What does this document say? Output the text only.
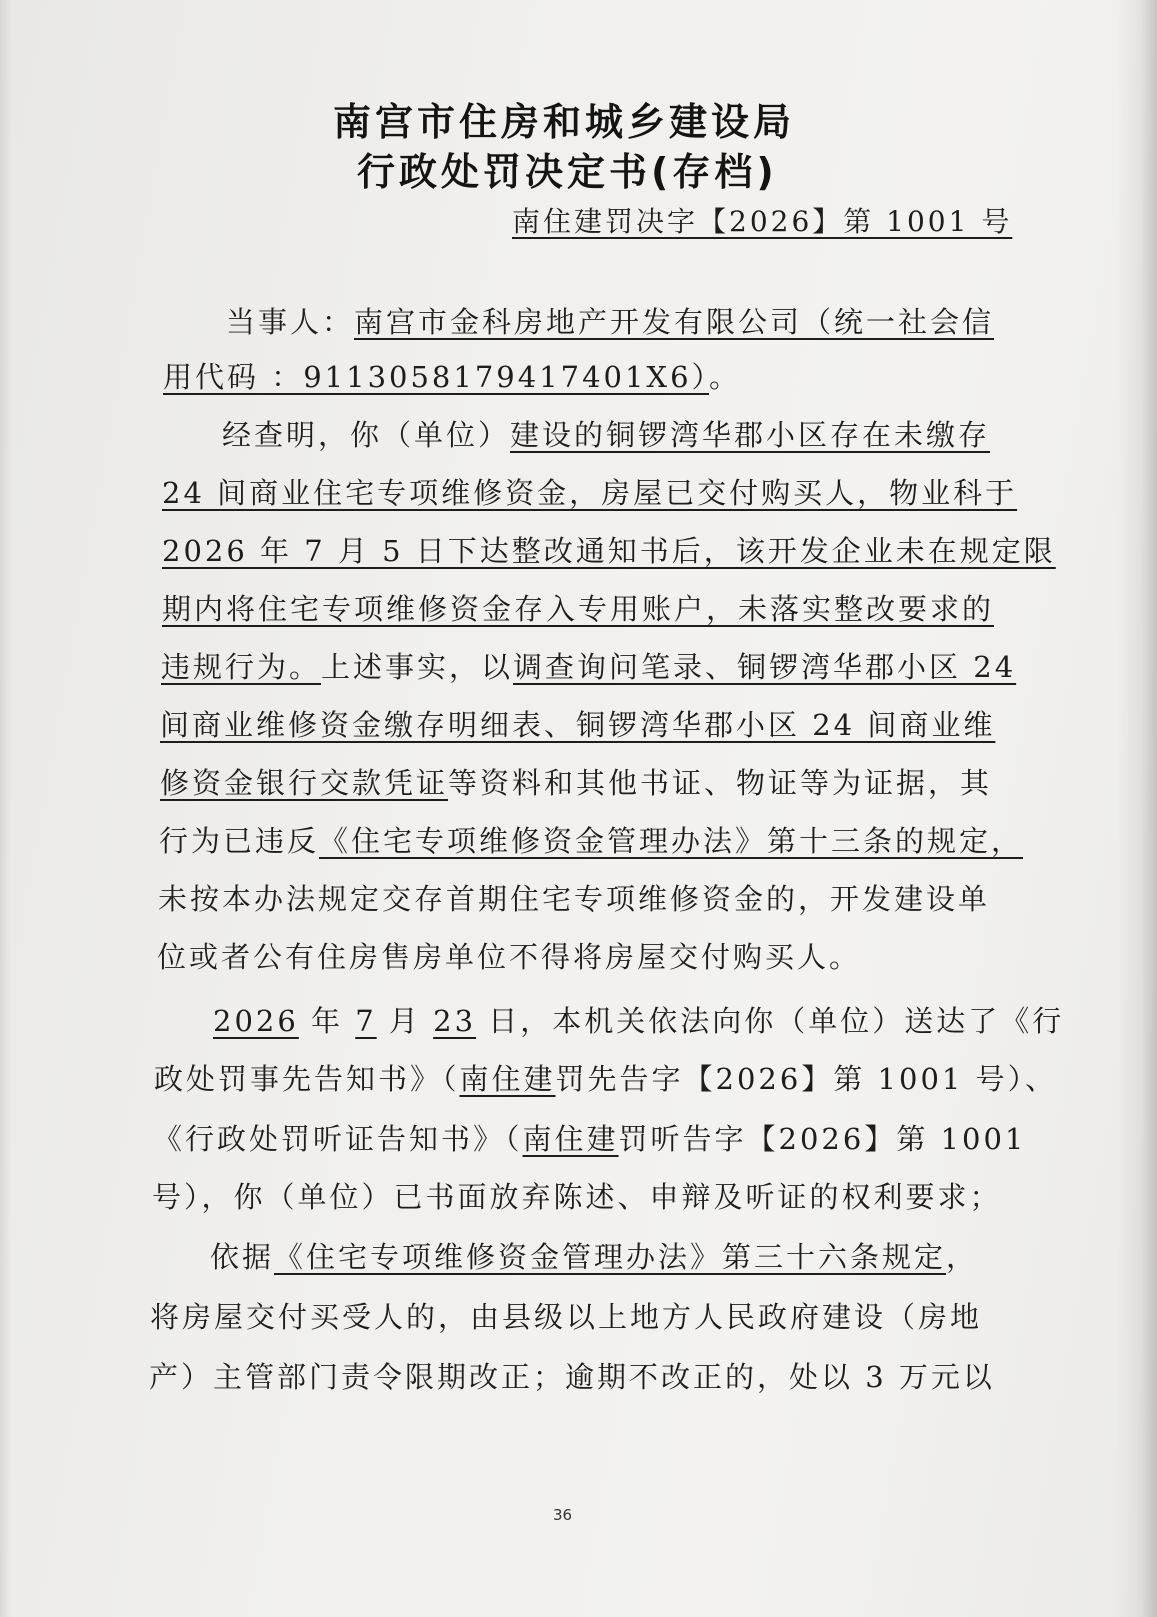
南宫市住房和城乡建设局
行政处罚决定书(存档)
南住建罚决字【2026】第 1001 号
当事人：南宫市金科房地产开发有限公司（统一社会信
用代码 ：9113058179417401X6）。
经查明，你（单位）建设的铜锣湾华郡小区存在未缴存
24 间商业住宅专项维修资金，房屋已交付购买人，物业科于
2026 年 7 月 5 日下达整改通知书后，该开发企业未在规定限
期内将住宅专项维修资金存入专用账户，未落实整改要求的
违规行为。上述事实，以调查询问笔录、铜锣湾华郡小区 24
间商业维修资金缴存明细表、铜锣湾华郡小区 24 间商业维
修资金银行交款凭证等资料和其他书证、物证等为证据，其
行为已违反《住宅专项维修资金管理办法》第十三条的规定，
未按本办法规定交存首期住宅专项维修资金的，开发建设单
位或者公有住房售房单位不得将房屋交付购买人。
2026 年 7 月 23 日，本机关依法向你（单位）送达了《行
政处罚事先告知书》（南住建罚先告字【2026】第 1001 号）、
《行政处罚听证告知书》（南住建罚听告字【2026】第 1001
号），你（单位）已书面放弃陈述、申辩及听证的权利要求；
依据《住宅专项维修资金管理办法》第三十六条规定，
将房屋交付买受人的，由县级以上地方人民政府建设（房地
产）主管部门责令限期改正；逾期不改正的，处以 3 万元以
36
